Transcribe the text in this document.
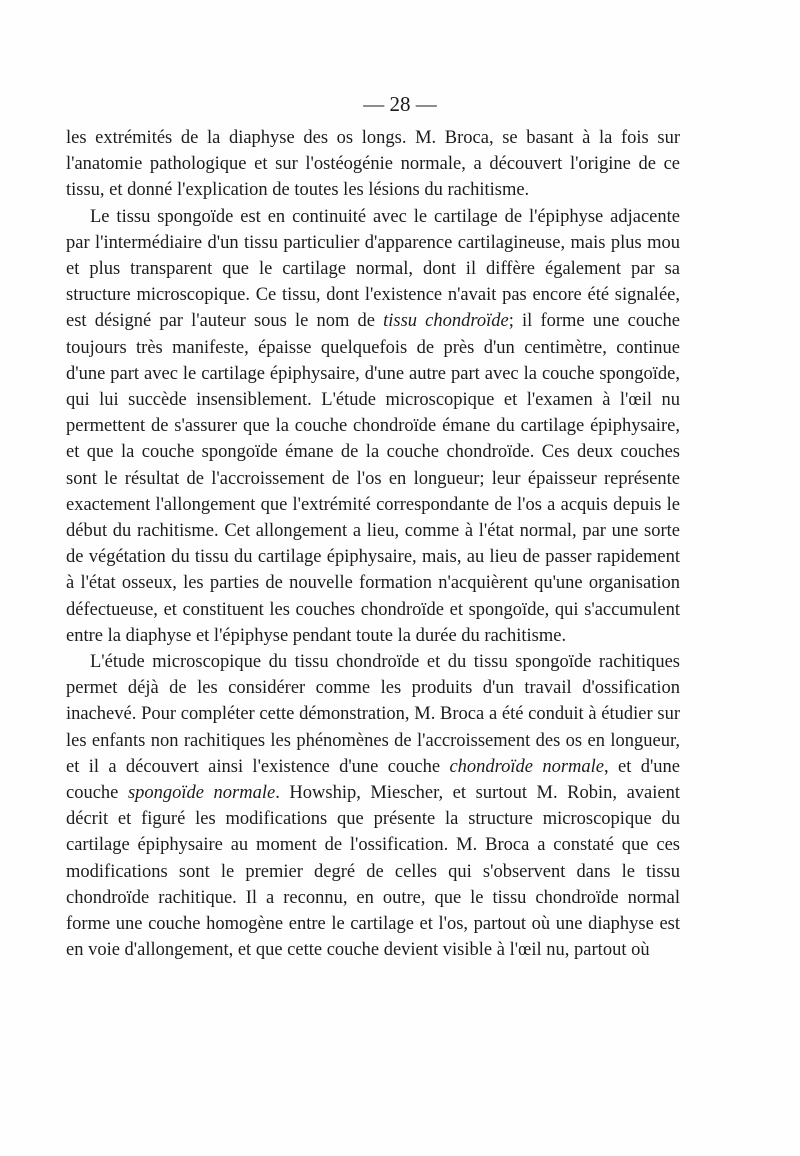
— 28 —

les extrémités de la diaphyse des os longs. M. Broca, se basant à la fois sur l'anatomie pathologique et sur l'ostéogénie normale, a découvert l'origine de ce tissu, et donné l'explication de toutes les lésions du rachitisme.

Le tissu spongoïde est en continuité avec le cartilage de l'épiphyse adjacente par l'intermédiaire d'un tissu particulier d'apparence cartilagineuse, mais plus mou et plus transparent que le cartilage normal, dont il diffère également par sa structure microscopique. Ce tissu, dont l'existence n'avait pas encore été signalée, est désigné par l'auteur sous le nom de tissu chondroïde; il forme une couche toujours très manifeste, épaisse quelquefois de près d'un centimètre, continue d'une part avec le cartilage épiphysaire, d'une autre part avec la couche spongoïde, qui lui succède insensiblement. L'étude microscopique et l'examen à l'œil nu permettent de s'assurer que la couche chondroïde émane du cartilage épiphysaire, et que la couche spongoïde émane de la couche chondroïde. Ces deux couches sont le résultat de l'accroissement de l'os en longueur; leur épaisseur représente exactement l'allongement que l'extrémité correspondante de l'os a acquis depuis le début du rachitisme. Cet allongement a lieu, comme à l'état normal, par une sorte de végétation du tissu du cartilage épiphysaire, mais, au lieu de passer rapidement à l'état osseux, les parties de nouvelle formation n'acquièrent qu'une organisation défectueuse, et constituent les couches chondroïde et spongoïde, qui s'accumulent entre la diaphyse et l'épiphyse pendant toute la durée du rachitisme.

L'étude microscopique du tissu chondroïde et du tissu spongoïde rachitiques permet déjà de les considérer comme les produits d'un travail d'ossification inachevé. Pour compléter cette démonstration, M. Broca a été conduit à étudier sur les enfants non rachitiques les phénomènes de l'accroissement des os en longueur, et il a découvert ainsi l'existence d'une couche chondroïde normale, et d'une couche spongoïde normale. Howship, Miescher, et surtout M. Robin, avaient décrit et figuré les modifications que présente la structure microscopique du cartilage épiphysaire au moment de l'ossification. M. Broca a constaté que ces modifications sont le premier degré de celles qui s'observent dans le tissu chondroïde rachitique. Il a reconnu, en outre, que le tissu chondroïde normal forme une couche homogène entre le cartilage et l'os, partout où une diaphyse est en voie d'allongement, et que cette couche devient visible à l'œil nu, partout où
